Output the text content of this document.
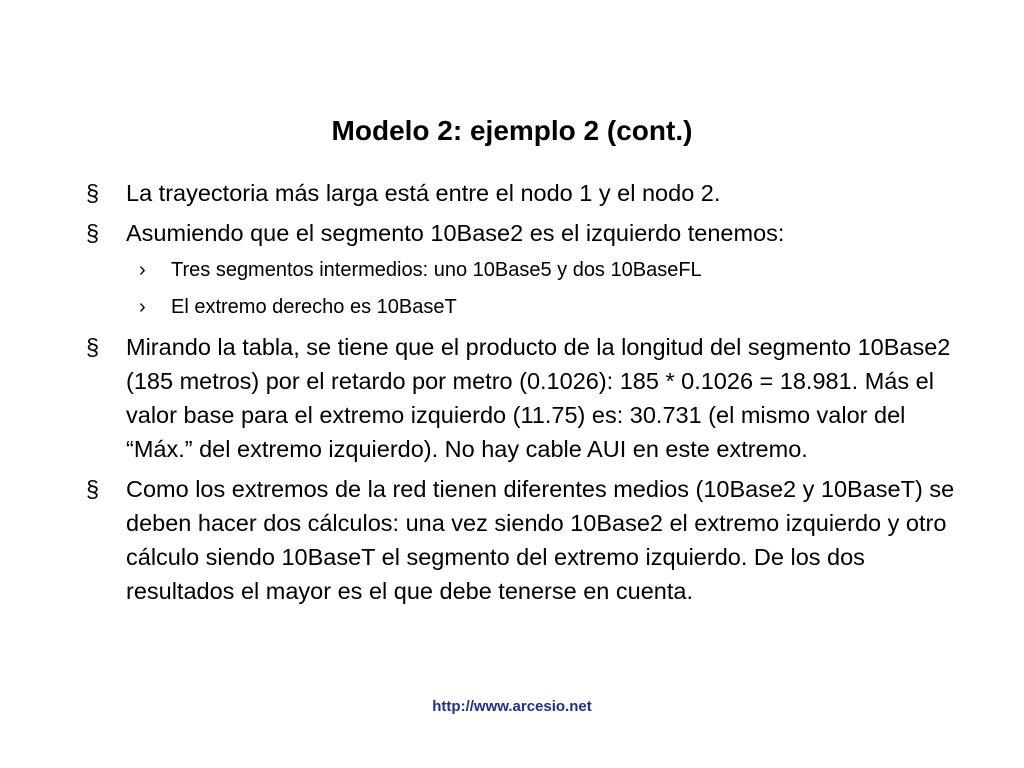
Modelo 2: ejemplo 2 (cont.)
§	La trayectoria más larga está entre el nodo 1 y el nodo 2.
§	Asumiendo que el segmento 10Base2 es el izquierdo tenemos:
› Tres segmentos intermedios: uno 10Base5 y dos 10BaseFL
› El extremo derecho es 10BaseT
§	Mirando la tabla, se tiene que el producto de la longitud del segmento 10Base2 (185 metros) por el retardo por metro (0.1026): 185 * 0.1026 = 18.981. Más el valor base para el extremo izquierdo (11.75) es: 30.731 (el mismo valor del “Máx.” del extremo izquierdo). No hay cable AUI en este extremo.
§	Como los extremos de la red tienen diferentes medios (10Base2 y 10BaseT) se deben hacer dos cálculos: una vez siendo 10Base2 el extremo izquierdo y otro cálculo siendo 10BaseT el segmento del extremo izquierdo. De los dos resultados el mayor es el que debe tenerse en cuenta.
http://www.arcesio.net
